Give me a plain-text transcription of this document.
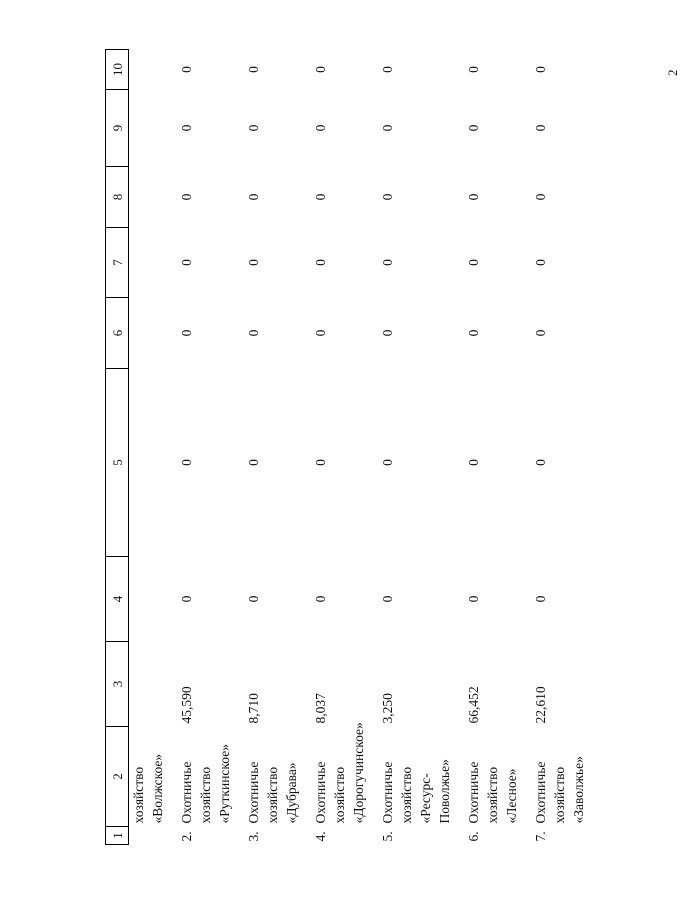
2
1	2	3	4	5	6	7	8	9	10

	хозяйство «Волжское»								

2.	Охотничье хозяйство «Руткинское»	45,590	0	0	0	0	0	0	0
3.	Охотничье хозяйство «Дубрава»	8,710	0	0	0	0	0	0	0
4.	Охотничье хозяйство «Дорогучинское»	8,037	0	0	0	0	0	0	0
5.	Охотничье хозяйство «Ресурс- Поволжье»	3,250	0	0	0	0	0	0	0
6.	Охотничье хозяйство «Лесное»	66,452	0	0	0	0	0	0	0
7.	Охотничье хозяйство «Заволжье»	22,610	0	0	0	0	0	0	0
